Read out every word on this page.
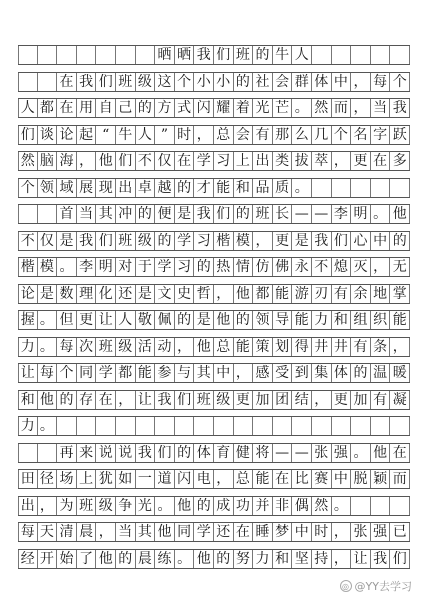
晒 晒 我 们 班 的 牛 人
在 我 们 班 级 这 个 小 小 的 社 会 群 体 中 ， 每 个
人 都 在 用 自 己 的 方 式 闪 耀 着 光 芒 。 然 而 ， 当 我
们 谈 论 起 “ 牛 人 ” 时 ， 总 会 有 那 么 几 个 名 字 跃
然 脑 海 ， 他 们 不 仅 在 学 习 上 出 类 拔 萃 ， 更 在 多
个 领 域 展 现 出 卓 越 的 才 能 和 品 质 。
首 当 其 冲 的 便 是 我 们 的 班 长 — — 李 明 。 他
不 仅 是 我 们 班 级 的 学 习 楷 模 ， 更 是 我 们 心 中 的
楷 模 。 李 明 对 于 学 习 的 热 情 仿 佛 永 不 熄 灭 ， 无
论 是 数 理 化 还 是 文 史 哲 ， 他 都 能 游 刃 有 余 地 掌
握 。 但 更 让 人 敬 佩 的 是 他 的 领 导 能 力 和 组 织 能
力 。 每 次 班 级 活 动 ， 他 总 能 策 划 得 井 井 有 条 ，
让 每 个 同 学 都 能 参 与 其 中 ， 感 受 到 集 体 的 温 暖
和 他 的 存 在 ， 让 我 们 班 级 更 加 团 结 ， 更 加 有 凝
力 。
再 来 说 说 我 们 的 体 育 健 将 — — 张 强 。 他 在
田 径 场 上 犹 如 一 道 闪 电 ， 总 能 在 比 赛 中 脱 颖 而
出 ， 为 班 级 争 光 。 他 的 成 功 并 非 偶 然 。
每 天 清 晨 ， 当 其 他 同 学 还 在 睡 梦 中 时 ， 张 强 已
经 开 始 了 他 的 晨 练 。 他 的 努 力 和 坚 持 ， 让 我 们
◎ @YY去学习
